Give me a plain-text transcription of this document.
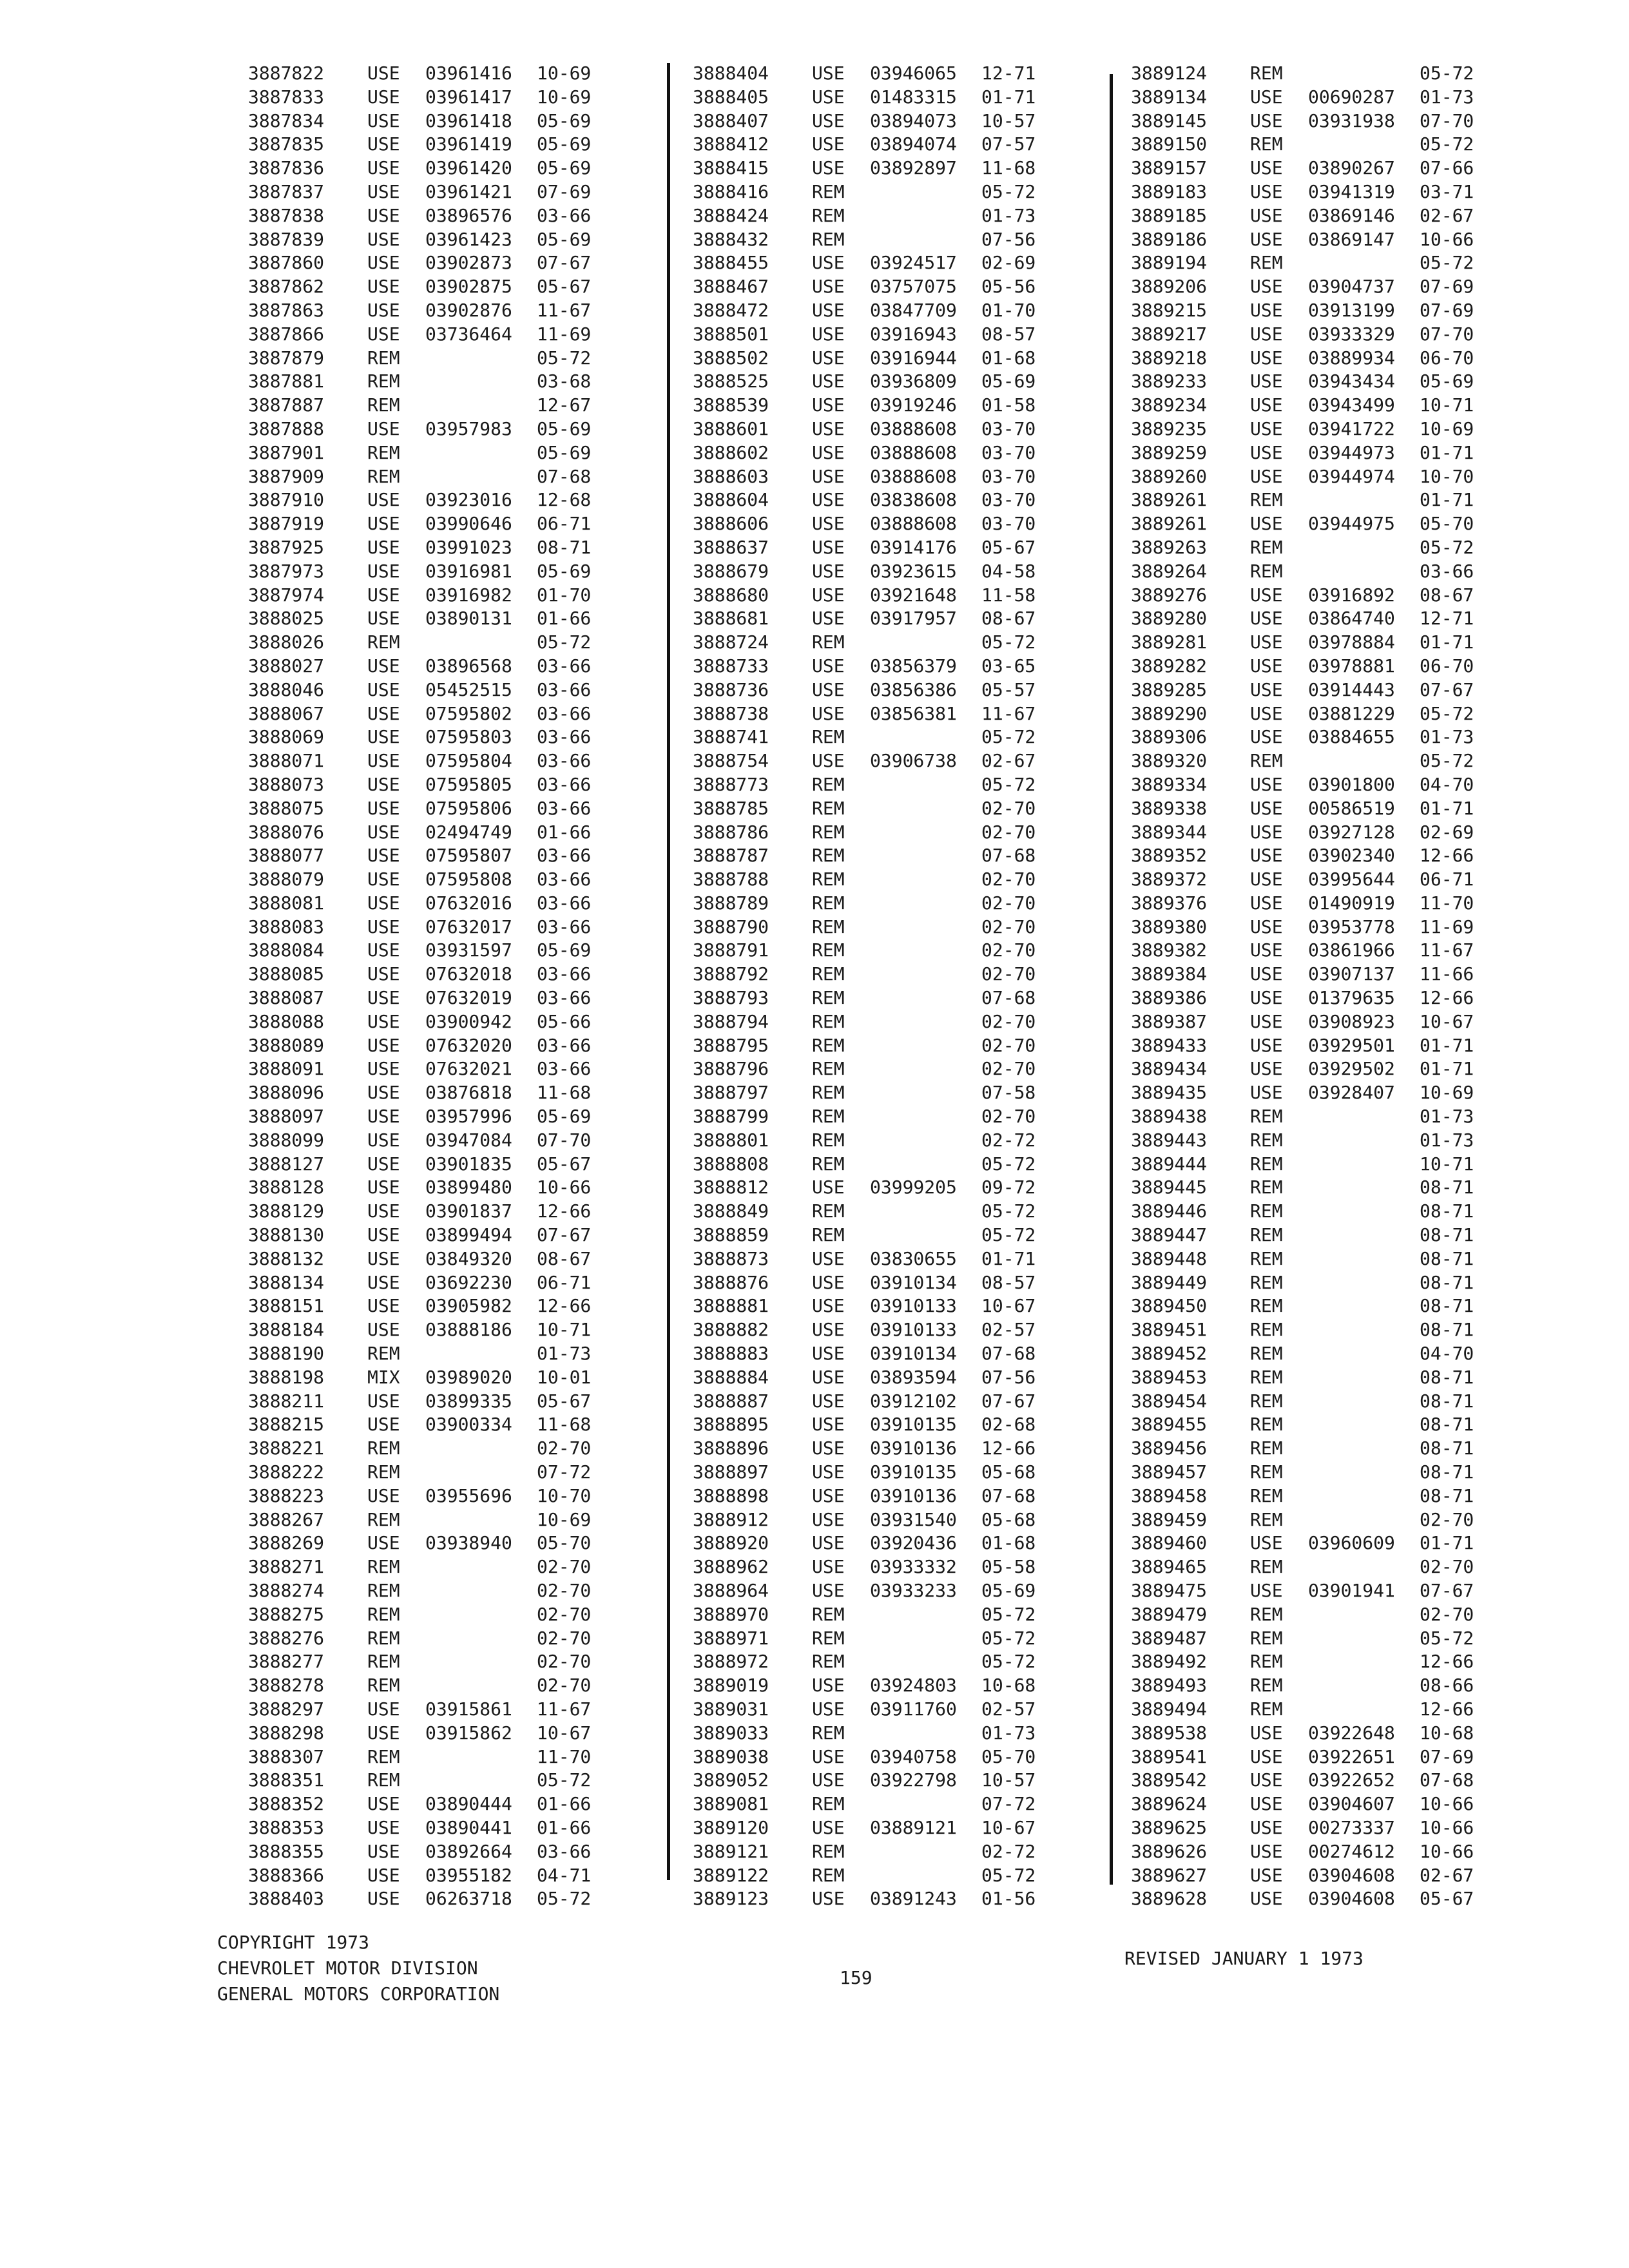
3887822 USE 03961416 10-69
3887833 USE 03961417 10-69
3887834 USE 03961418 05-69
3887835 USE 03961419 05-69
3887836 USE 03961420 05-69
3887837 USE 03961421 07-69
3887838 USE 03896576 03-66
3887839 USE 03961423 05-69
3887860 USE 03902873 07-67
3887862 USE 03902875 05-67
3887863 USE 03902876 11-67
3887866 USE 03736464 11-69
3887879 REM	05-72
3887881 REM	03-68
3887887 REM	12-67
3887888 USE 03957983 05-69
3887901 REM	05-69
3887909 REM	07-68
3887910 USE 03923016 12-68
3887919 USE 03990646 06-71
3887925 USE 03991023 08-71
3887973 USE 03916981 05-69
3887974 USE 03916982 01-70
3888025 USE 03890131 01-66
3888026 REM	05-72
3888027 USE 03896568 03-66
3888046 USE 05452515 03-66
3888067 USE 07595802 03-66
3888069 USE 07595803 03-66
3888071 USE 07595804 03-66
3888073 USE 07595805 03-66
3888075 USE 07595806 03-66
3888076 USE 02494749 01-66
3888077 USE 07595807 03-66
3888079 USE 07595808 03-66
3888081 USE 07632016 03-66
3888083 USE 07632017 03-66
3888084 USE 03931597 05-69
3888085 USE 07632018 03-66
3888087 USE 07632019 03-66
3888088 USE 03900942 05-66
3888089 USE 07632020 03-66
3888091 USE 07632021 03-66
3888096 USE 03876818 11-68
3888097 USE 03957996 05-69
3888099 USE 03947084 07-70
3888127 USE 03901835 05-67
3888128 USE 03899480 10-66
3888129 USE 03901837 12-66
3888130 USE 03899494 07-67
3888132 USE 03849320 08-67
3888134 USE 03692230 06-71
3888151 USE 03905982 12-66
3888184 USE 03888186 10-71
3888190 REM	01-73
3888198 MIX 03989020 10-01
3888211 USE 03899335 05-67
3888215 USE 03900334 11-68
3888221 REM	02-70
3888222 REM	07-72
3888223 USE 03955696 10-70
3888267 REM	10-69
3888269 USE 03938940 05-70
3888271 REM	02-70
3888274 REM	02-70
3888275 REM	02-70
3888276 REM	02-70
3888277 REM	02-70
3888278 REM	02-70
3888297 USE 03915861 11-67
3888298 USE 03915862 10-67
3888307 REM	11-70
3888351 REM	05-72
3888352 USE 03890444 01-66
3888353 USE 03890441 01-66
3888355 USE 03892664 03-66
3888366 USE 03955182 04-71
3888403 USE 06263718 05-72
3888404 USE 03946065 12-71
3888405 USE 01483315 01-71
3888407 USE 03894073 10-57
3888412 USE 03894074 07-57
3888415 USE 03892897 11-68
3888416 REM	05-72
3888424 REM	01-73
3888432 REM	07-56
3888455 USE 03924517 02-69
3888467 USE 03757075 05-56
3888472 USE 03847709 01-70
3888501 USE 03916943 08-57
3888502 USE 03916944 01-68
3888525 USE 03936809 05-69
3888539 USE 03919246 01-58
3888601 USE 03888608 03-70
3888602 USE 03888608 03-70
3888603 USE 03888608 03-70
3888604 USE 03838608 03-70
3888606 USE 03888608 03-70
3888637 USE 03914176 05-67
3888679 USE 03923615 04-58
3888680 USE 03921648 11-58
3888681 USE 03917957 08-67
3888724 REM	05-72
3888733 USE 03856379 03-65
3888736 USE 03856386 05-57
3888738 USE 03856381 11-67
3888741 REM	05-72
3888754 USE 03906738 02-67
3888773 REM	05-72
3888785 REM	02-70
3888786 REM	02-70
3888787 REM	07-68
3888788 REM	02-70
3888789 REM	02-70
3888790 REM	02-70
3888791 REM	02-70
3888792 REM	02-70
3888793 REM	07-68
3888794 REM	02-70
3888795 REM	02-70
3888796 REM	02-70
3888797 REM	07-58
3888799 REM	02-70
3888801 REM	02-72
3888808 REM	05-72
3888812 USE 03999205 09-72
3888849 REM	05-72
3888859 REM	05-72
3888873 USE 03830655 01-71
3888876 USE 03910134 08-57
3888881 USE 03910133 10-67
3888882 USE 03910133 02-57
3888883 USE 03910134 07-68
3888884 USE 03893594 07-56
3888887 USE 03912102 07-67
3888895 USE 03910135 02-68
3888896 USE 03910136 12-66
3888897 USE 03910135 05-68
3888898 USE 03910136 07-68
3888912 USE 03931540 05-68
3888920 USE 03920436 01-68
3888962 USE 03933332 05-58
3888964 USE 03933233 05-69
3888970 REM	05-72
3888971 REM	05-72
3888972 REM	05-72
3889019 USE 03924803 10-68
3889031 USE 03911760 02-57
3889033 REM	01-73
3889038 USE 03940758 05-70
3889052 USE 03922798 10-57
3889081 REM	07-72
3889120 USE 03889121 10-67
3889121 REM	02-72
3889122 REM	05-72
3889123 USE 03891243 01-56
3889124 REM	05-72
3889134 USE 00690287 01-73
3889145 USE 03931938 07-70
3889150 REM	05-72
3889157 USE 03890267 07-66
3889183 USE 03941319 03-71
3889185 USE 03869146 02-67
3889186 USE 03869147 10-66
3889194 REM	05-72
3889206 USE 03904737 07-69
3889215 USE 03913199 07-69
3889217 USE 03933329 07-70
3889218 USE 03889934 06-70
3889233 USE 03943434 05-69
3889234 USE 03943499 10-71
3889235 USE 03941722 10-69
3889259 USE 03944973 01-71
3889260 USE 03944974 10-70
3889261 REM	01-71
3889261 USE 03944975 05-70
3889263 REM	05-72
3889264 REM	03-66
3889276 USE 03916892 08-67
3889280 USE 03864740 12-71
3889281 USE 03978884 01-71
3889282 USE 03978881 06-70
3889285 USE 03914443 07-67
3889290 USE 03881229 05-72
3889306 USE 03884655 01-73
3889320 REM	05-72
3889334 USE 03901800 04-70
3889338 USE 00586519 01-71
3889344 USE 03927128 02-69
3889352 USE 03902340 12-66
3889372 USE 03995644 06-71
3889376 USE 01490919 11-70
3889380 USE 03953778 11-69
3889382 USE 03861966 11-67
3889384 USE 03907137 11-66
3889386 USE 01379635 12-66
3889387 USE 03908923 10-67
3889433 USE 03929501 01-71
3889434 USE 03929502 01-71
3889435 USE 03928407 10-69
3889438 REM	01-73
3889443 REM	01-73
3889444 REM	10-71
3889445 REM	08-71
3889446 REM	08-71
3889447 REM	08-71
3889448 REM	08-71
3889449 REM	08-71
3889450 REM	08-71
3889451 REM	08-71
3889452 REM	04-70
3889453 REM	08-71
3889454 REM	08-71
3889455 REM	08-71
3889456 REM	08-71
3889457 REM	08-71
3889458 REM	08-71
3889459 REM	02-70
3889460 USE 03960609 01-71
3889465 REM	02-70
3889475 USE 03901941 07-67
3889479 REM	02-70
3889487 REM	05-72
3889492 REM	12-66
3889493 REM	08-66
3889494 REM	12-66
3889538 USE 03922648 10-68
3889541 USE 03922651 07-69
3889542 USE 03922652 07-68
3889624 USE 03904607 10-66
3889625 USE 00273337 10-66
3889626 USE 00274612 10-66
3889627 USE 03904608 02-67
3889628 USE 03904608 05-67
COPYRIGHT 1973
CHEVROLET MOTOR DIVISION
GENERAL MOTORS CORPORATION
159
REVISED JANUARY 1 1973
